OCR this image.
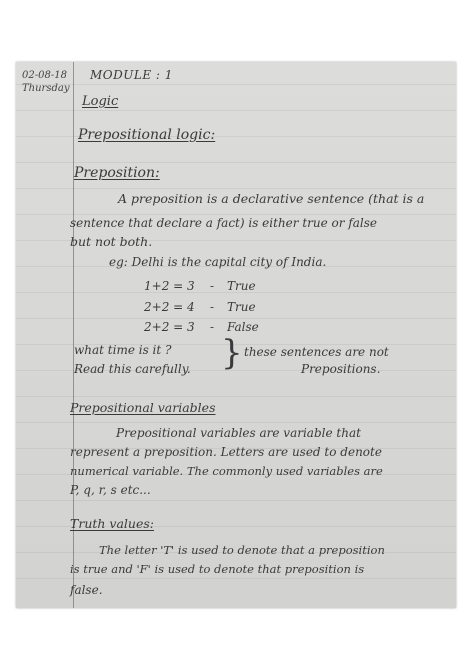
02-08-18
Thursday
MODULE : 1
Logic
Prepositional logic:
Preposition:
A preposition is a declarative sentence (that is a
sentence that declare a fact) is either true or false
but not both.
eg: Delhi is the capital city of India.
1+2 = 3 - True
2+2 = 4 - True
2+2 = 3 - False
what time is it ?
Read this carefully. } these sentences are not
Prepositions.
Prepositional variables
Prepositional variables are variable that
represent a preposition. Letters are used to denote
numerical variable. The commonly used variables are
P, q, r, s etc...
Truth values:
The letter 'T' is used to denote that a preposition
is true and 'F' is used to denote that preposition is
false.
